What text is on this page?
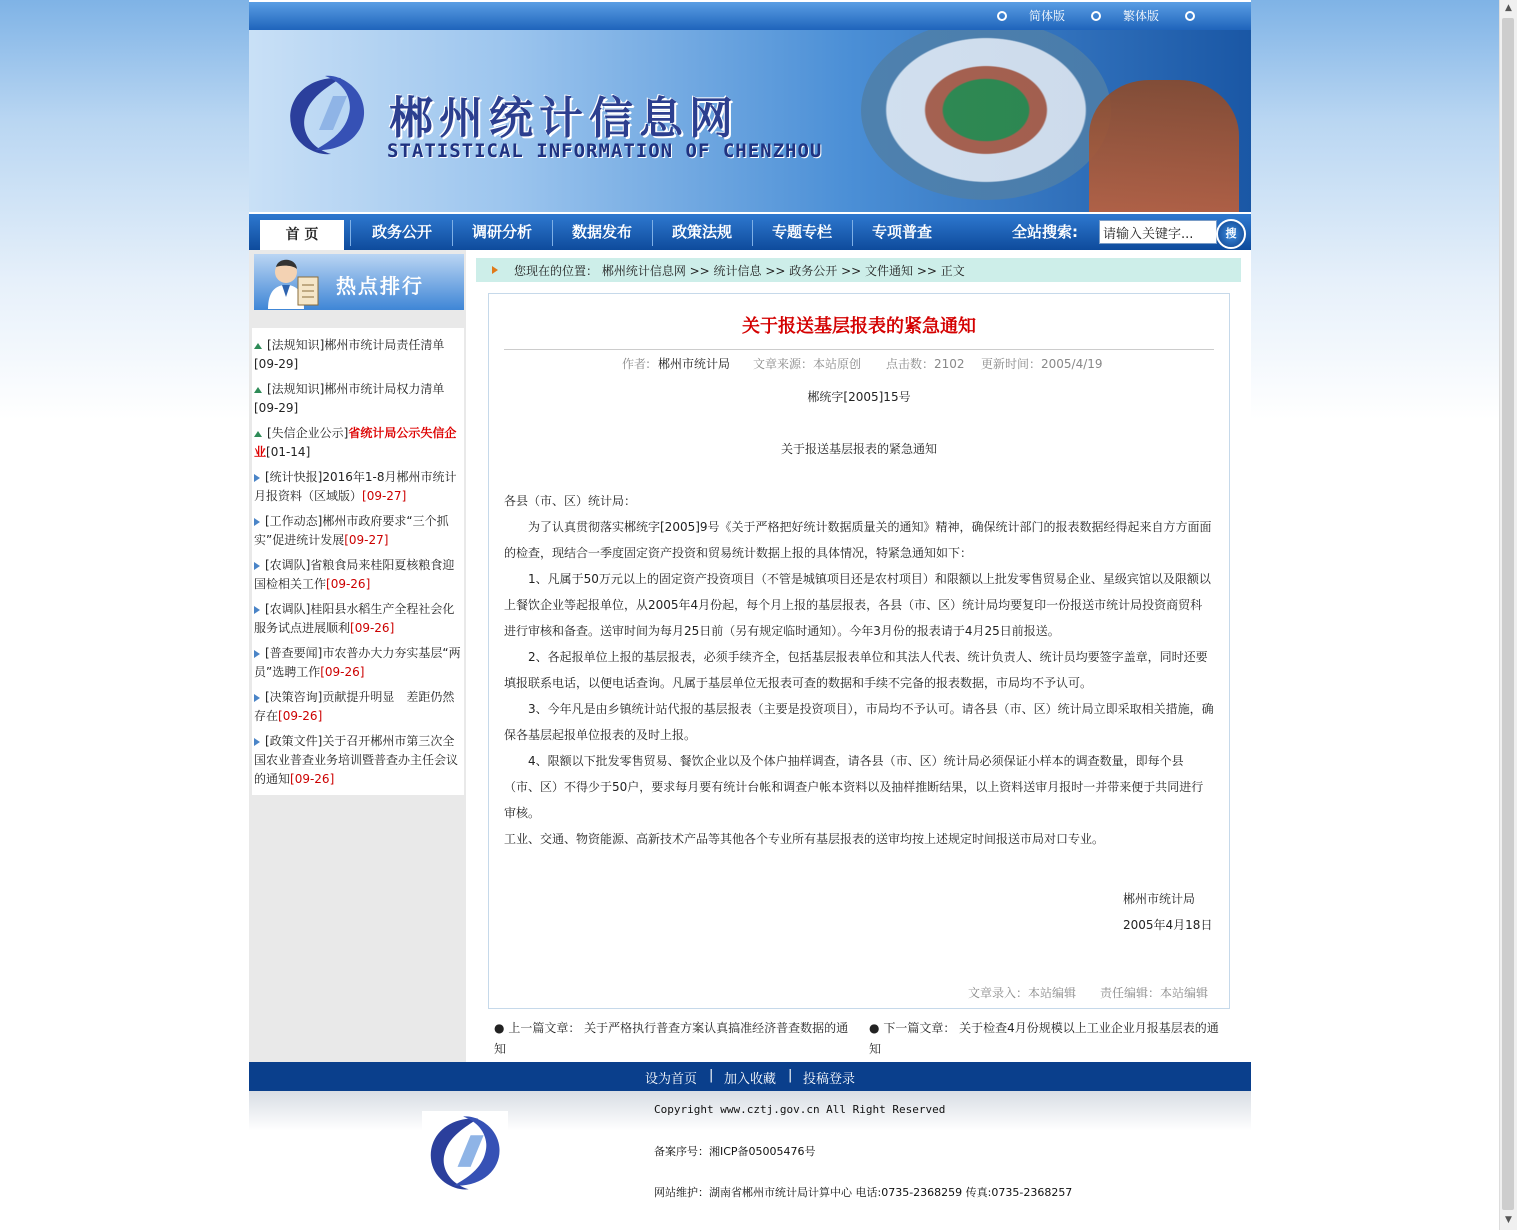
简体版	繁体版
郴州统计信息网
STATISTICAL INFORMATION OF CHENZHOU
首 页	政务公开	调研分析	数据发布	政策法规	专题专栏	专项普查	全站搜索:
请输入关键字...	搜
热点排行
[法规知识]郴州市统计局责任清单
[09-29]
[法规知识]郴州市统计局权力清单
[09-29]
[失信企业公示]省统计局公示失信企业[01-14]
[统计快报]2016年1-8月郴州市统计月报资料（区域版）[09-27]
[工作动态]郴州市政府要求“三个抓实”促进统计发展[09-27]
[农调队]省粮食局来桂阳夏核粮食迎国检相关工作[09-26]
[农调队]桂阳县水稻生产全程社会化服务试点进展顺利[09-26]
[普查要闻]市农普办大力夯实基层“两员”选聘工作[09-26]
[决策咨询]贡献提升明显　差距仍然存在[09-26]
[政策文件]关于召开郴州市第三次全国农业普查业务培训暨普查办主任会议的通知[09-26]
您现在的位置： 郴州统计信息网 >> 统计信息 >> 政务公开 >> 文件通知 >> 正文
关于报送基层报表的紧急通知
作者: 郴州市统计局 文章来源：本站原创 点击数：2102 更新时间：2005/4/19

郴统字[2005]15号

关于报送基层报表的紧急通知

各县（市、区）统计局：

为了认真贯彻落实郴统字[2005]9号《关于严格把好统计数据质量关的通知》精神，确保统计部门的报表数据经得起来自方方面面的检查，现结合一季度固定资产投资和贸易统计数据上报的具体情况，特紧急通知如下：

1、凡属于50万元以上的固定资产投资项目（不管是城镇项目还是农村项目）和限额以上批发零售贸易企业、星级宾馆以及限额以上餐饮企业等起报单位，从2005年4月份起，每个月上报的基层报表，各县（市、区）统计局均要复印一份报送市统计局投资商贸科进行审核和备查。送审时间为每月25日前（另有规定临时通知）。今年3月份的报表请于4月25日前报送。

2、各起报单位上报的基层报表，必须手续齐全，包括基层报表单位和其法人代表、统计负责人、统计员均要签字盖章，同时还要填报联系电话，以便电话查询。凡属于基层单位无报表可查的数据和手续不完备的报表数据，市局均不予认可。

3、今年凡是由乡镇统计站代报的基层报表（主要是投资项目），市局均不予认可。请各县（市、区）统计局立即采取相关措施，确保各基层起报单位报表的及时上报。

4、限额以下批发零售贸易、餐饮企业以及个体户抽样调查，请各县（市、区）统计局必须保证小样本的调查数量，即每个县（市、区）不得少于50户，要求每月要有统计台帐和调查户帐本资料以及抽样推断结果，以上资料送审月报时一并带来便于共同进行审核。

工业、交通、物资能源、高新技术产品等其他各个专业所有基层报表的送审均按上述规定时间报送市局对口专业。

郴州市统计局
2005年4月18日
文章录入：本站编辑 责任编辑：本站编辑
● 上一篇文章： 关于严格执行普查方案认真搞准经济普查数据的通知
● 下一篇文章： 关于检查4月份规模以上工业企业月报基层表的通知
设为首页 | 加入收藏 | 投稿登录
Copyright www.cztj.gov.cn All Right Reserved
备案序号：湘ICP备05005476号
网站维护：湖南省郴州市统计局计算中心 电话:0735-2368259 传真:0735-2368257
▲
▼
